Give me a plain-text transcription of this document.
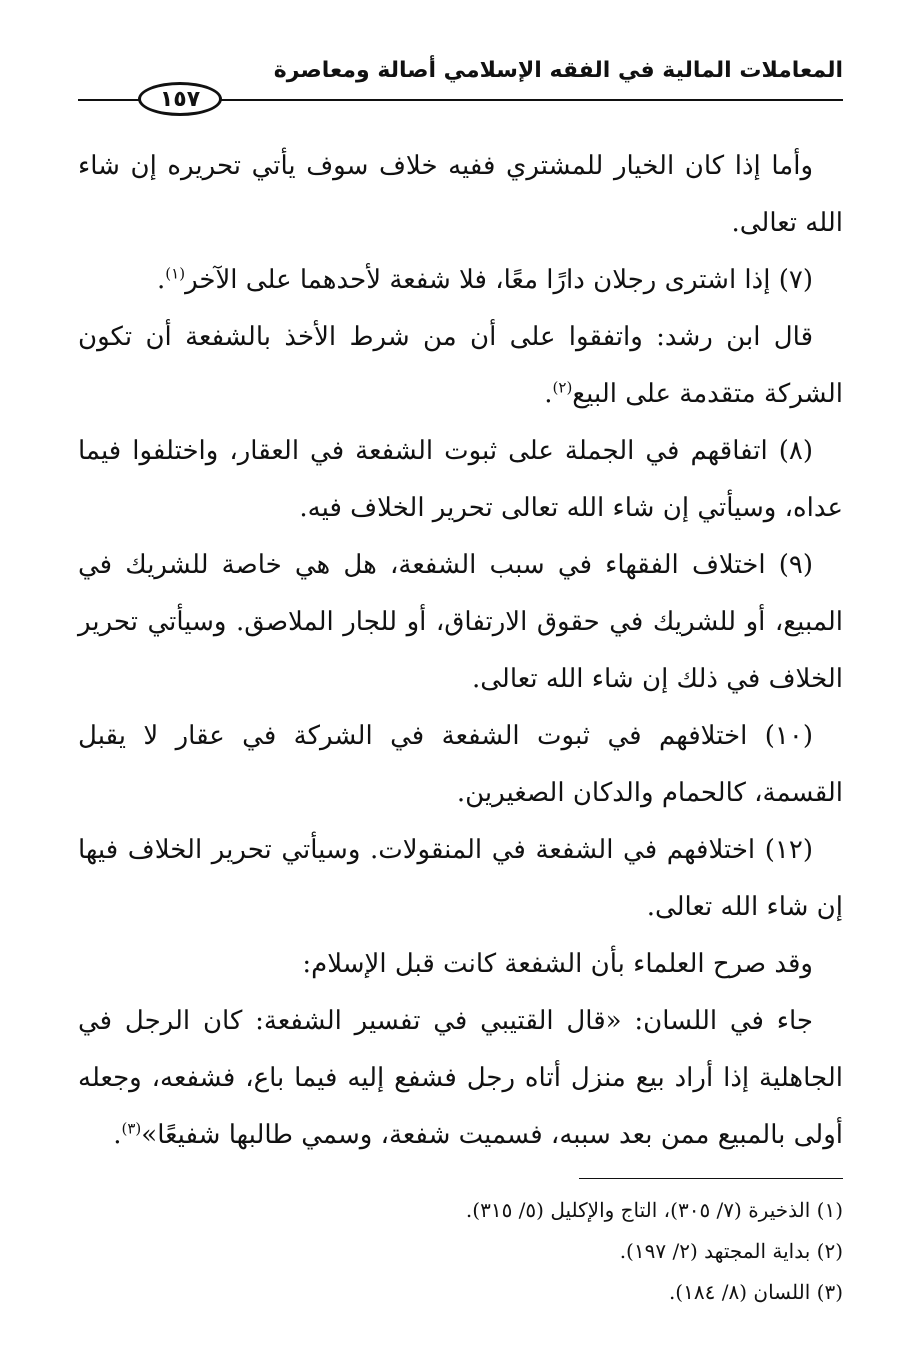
المعاملات المالية في الفقه الإسلامي أصالة ومعاصرة
١٥٧

وأما إذا كان الخيار للمشتري ففيه خلاف سوف يأتي تحريره إن شاء الله تعالى.

(٧) إذا اشترى رجلان دارًا معًا، فلا شفعة لأحدهما على الآخر$^{(١)}$.

قال ابن رشد: واتفقوا على أن من شرط الأخذ بالشفعة أن تكون الشركة متقدمة على البيع$^{(٢)}$.

(٨) اتفاقهم في الجملة على ثبوت الشفعة في العقار، واختلفوا فيما عداه، وسيأتي إن شاء الله تعالى تحرير الخلاف فيه.

(٩) اختلاف الفقهاء في سبب الشفعة، هل هي خاصة للشريك في المبيع، أو للشريك في حقوق الارتفاق، أو للجار الملاصق. وسيأتي تحرير الخلاف في ذلك إن شاء الله تعالى.

(١٠) اختلافهم في ثبوت الشفعة في الشركة في عقار لا يقبل القسمة، كالحمام والدكان الصغيرين.

(١٢) اختلافهم في الشفعة في المنقولات. وسيأتي تحرير الخلاف فيها إن شاء الله تعالى.

وقد صرح العلماء بأن الشفعة كانت قبل الإسلام:

جاء في اللسان: «قال القتيبي في تفسير الشفعة: كان الرجل في الجاهلية إذا أراد بيع منزل أتاه رجل فشفع إليه فيما باع، فشفعه، وجعله أولى بالمبيع ممن بعد سببه، فسميت شفعة، وسمي طالبها شفيعًا»$^{(٣)}$.

(١) الذخيرة (٧/ ٣٠٥)، التاج والإكليل (٥/ ٣١٥).

(٢) بداية المجتهد (٢/ ١٩٧).

(٣) اللسان (٨/ ١٨٤).
